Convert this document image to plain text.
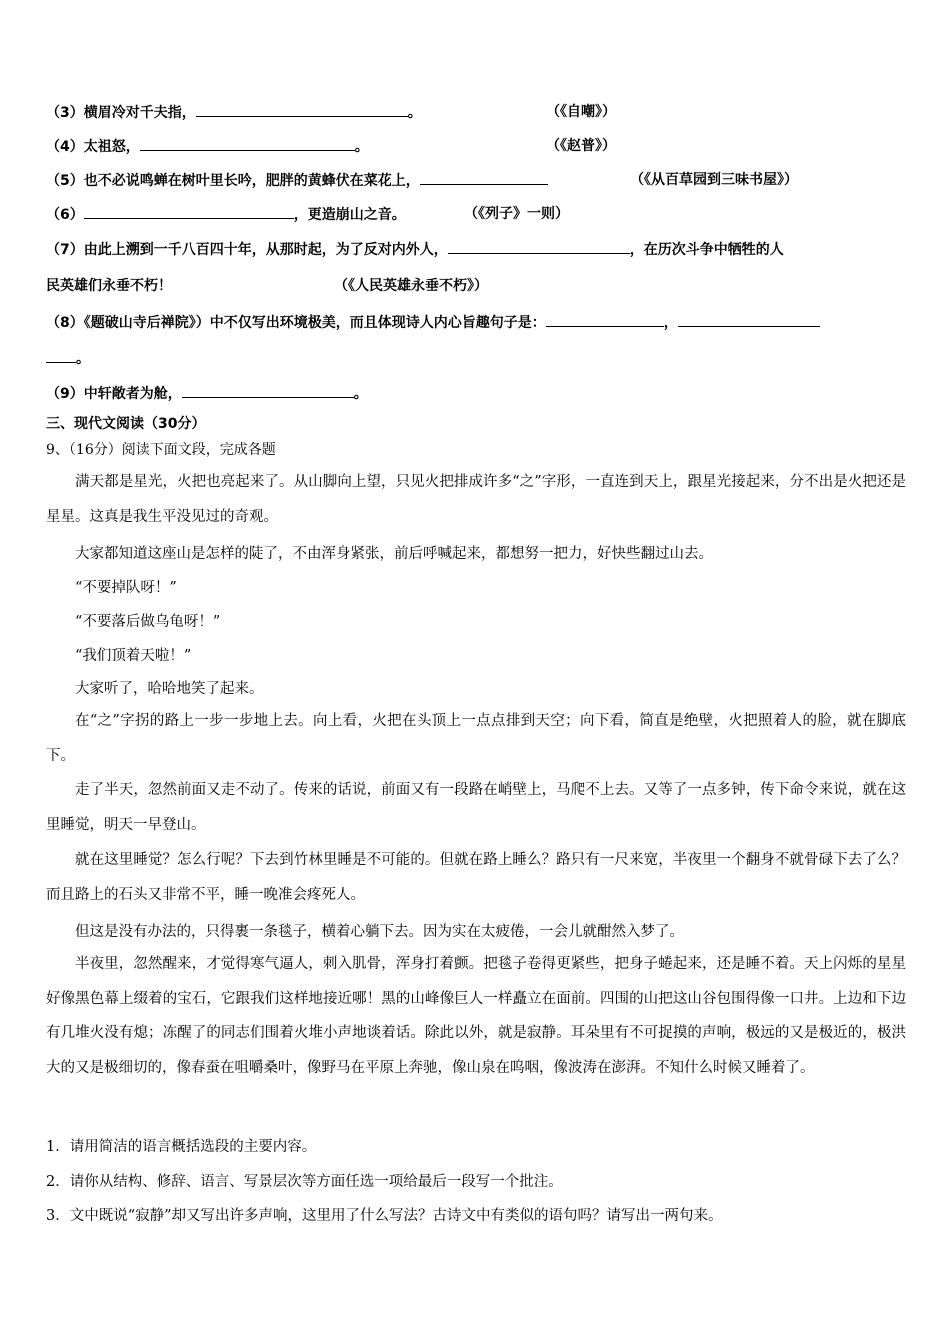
（3）横眉冷对千夫指，	。	（《自嘲》）
（4）太祖怒，	。	（《赵普》）
（5）也不必说鸣蝉在树叶里长吟，肥胖的黄蜂伏在菜花上，	（《从百草园到三味书屋》）
（6）	，更造崩山之音。	（《列子》一则）
（7）由此上溯到一千八百四十年，从那时起，为了反对内外人，	，在历次斗争中牺牲的人
民英雄们永垂不朽！	（《人民英雄永垂不朽》）
（8）《题破山寺后禅院》）中不仅写出环境极美，而且体现诗人内心旨趣句子是：	，
。
（9）中轩敞者为舱，	。
三、现代文阅读（30分）
9、（16分）阅读下面文段，完成各题
满天都是星光，火把也亮起来了。从山脚向上望，只见火把排成许多“之”字形，一直连到天上，跟星光接起来，分不出是火把还是星星。这真是我生平没见过的奇观。
大家都知道这座山是怎样的陡了，不由浑身紧张，前后呼喊起来，都想努一把力，好快些翻过山去。
“不要掉队呀！”
“不要落后做乌龟呀！”
“我们顶着天啦！”
大家听了，哈哈地笑了起来。
在“之”字拐的路上一步一步地上去。向上看，火把在头顶上一点点排到天空；向下看，简直是绝壁，火把照着人的脸，就在脚底下。
走了半天，忽然前面又走不动了。传来的话说，前面又有一段路在峭壁上，马爬不上去。又等了一点多钟，传下命令来说，就在这里睡觉，明天一早登山。
就在这里睡觉？怎么行呢？下去到竹林里睡是不可能的。但就在路上睡么？路只有一尺来宽，半夜里一个翻身不就骨碌下去了么？而且路上的石头又非常不平，睡一晚准会疼死人。
但这是没有办法的，只得裹一条毯子，横着心躺下去。因为实在太疲倦，一会儿就酣然入梦了。
半夜里，忽然醒来，才觉得寒气逼人，刺入肌骨，浑身打着颤。把毯子卷得更紧些，把身子蜷起来，还是睡不着。天上闪烁的星星好像黑色幕上缀着的宝石，它跟我们这样地接近哪！黑的山峰像巨人一样矗立在面前。四围的山把这山谷包围得像一口井。上边和下边有几堆火没有熄；冻醒了的同志们围着火堆小声地谈着话。除此以外，就是寂静。耳朵里有不可捉摸的声响，极远的又是极近的，极洪大的又是极细切的，像春蚕在咀嚼桑叶，像野马在平原上奔驰，像山泉在呜咽，像波涛在澎湃。不知什么时候又睡着了。
1．请用简洁的语言概括选段的主要内容。
2．请你从结构、修辞、语言、写景层次等方面任选一项给最后一段写一个批注。
3．文中既说“寂静”却又写出许多声响，这里用了什么写法？古诗文中有类似的语句吗？请写出一两句来。
